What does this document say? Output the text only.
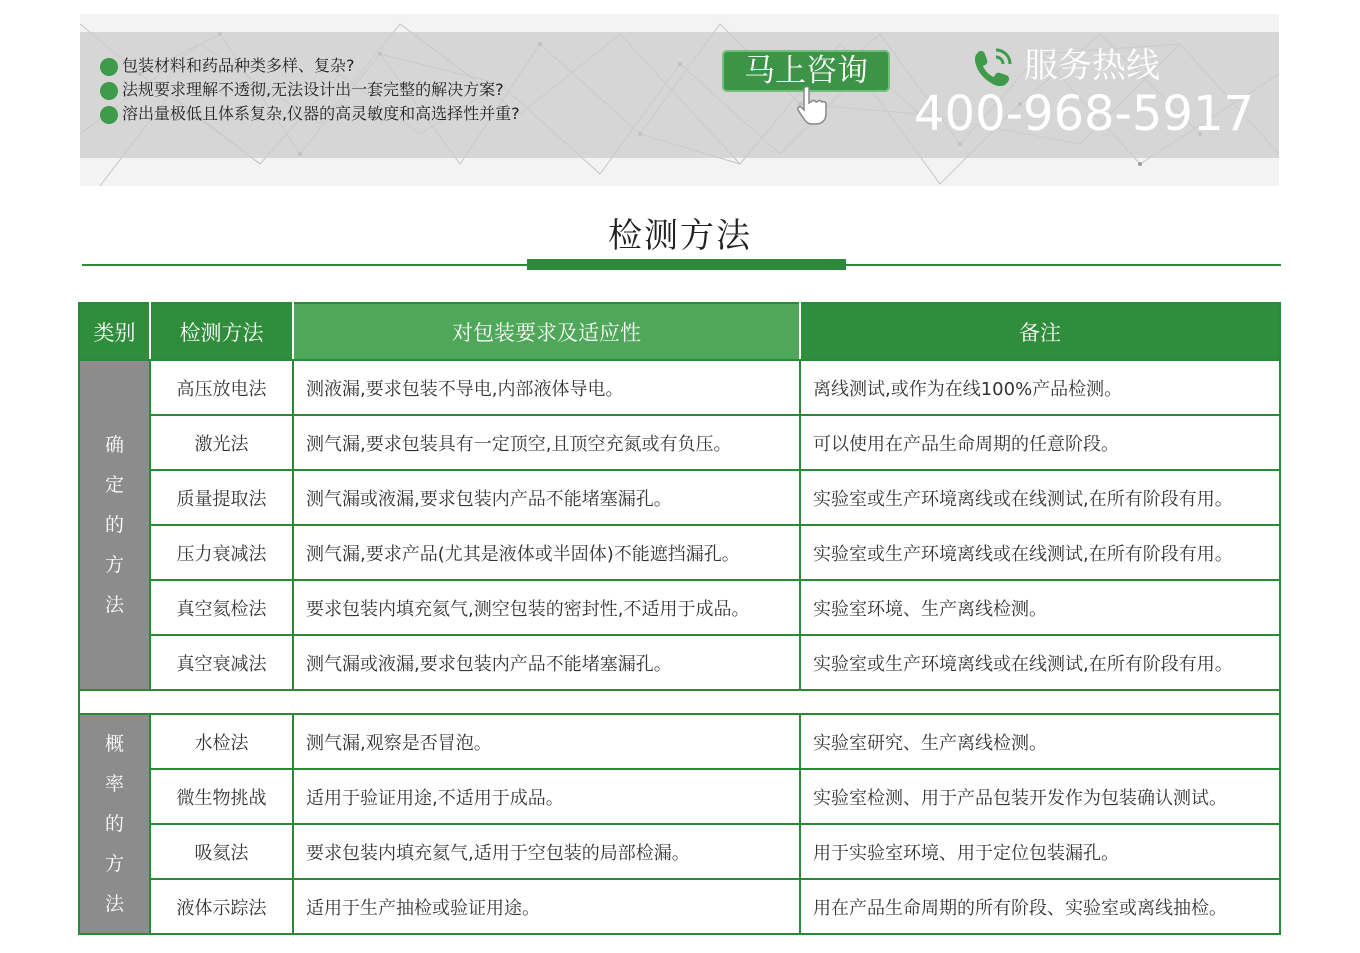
包装材料和药品种类多样、复杂?
法规要求理解不透彻,无法设计出一套完整的解决方案?
溶出量极低且体系复杂,仪器的高灵敏度和高选择性并重?
马上咨询	服务热线
400-968-5917
检测方法
类别	检测方法	对包装要求及适应性	备注
确定的方法	高压放电法	测液漏,要求包装不导电,内部液体导电。	离线测试,或作为在线100%产品检测。
	激光法	测气漏,要求包装具有一定顶空,且顶空充氮或有负压。	可以使用在产品生命周期的任意阶段。
	质量提取法	测气漏或液漏,要求包装内产品不能堵塞漏孔。	实验室或生产环境离线或在线测试,在所有阶段有用。
	压力衰减法	测气漏,要求产品(尤其是液体或半固体)不能遮挡漏孔。	实验室或生产环境离线或在线测试,在所有阶段有用。
	真空氦检法	要求包装内填充氦气,测空包装的密封性,不适用于成品。	实验室环境、生产离线检测。
	真空衰减法	测气漏或液漏,要求包装内产品不能堵塞漏孔。	实验室或生产环境离线或在线测试,在所有阶段有用。

概率的方法	水检法	测气漏,观察是否冒泡。	实验室研究、生产离线检测。
	微生物挑战	适用于验证用途,不适用于成品。	实验室检测、用于产品包装开发作为包装确认测试。
	吸氦法	要求包装内填充氦气,适用于空包装的局部检漏。	用于实验室环境、用于定位包装漏孔。
	液体示踪法	适用于生产抽检或验证用途。	用在产品生命周期的所有阶段、实验室或离线抽检。
